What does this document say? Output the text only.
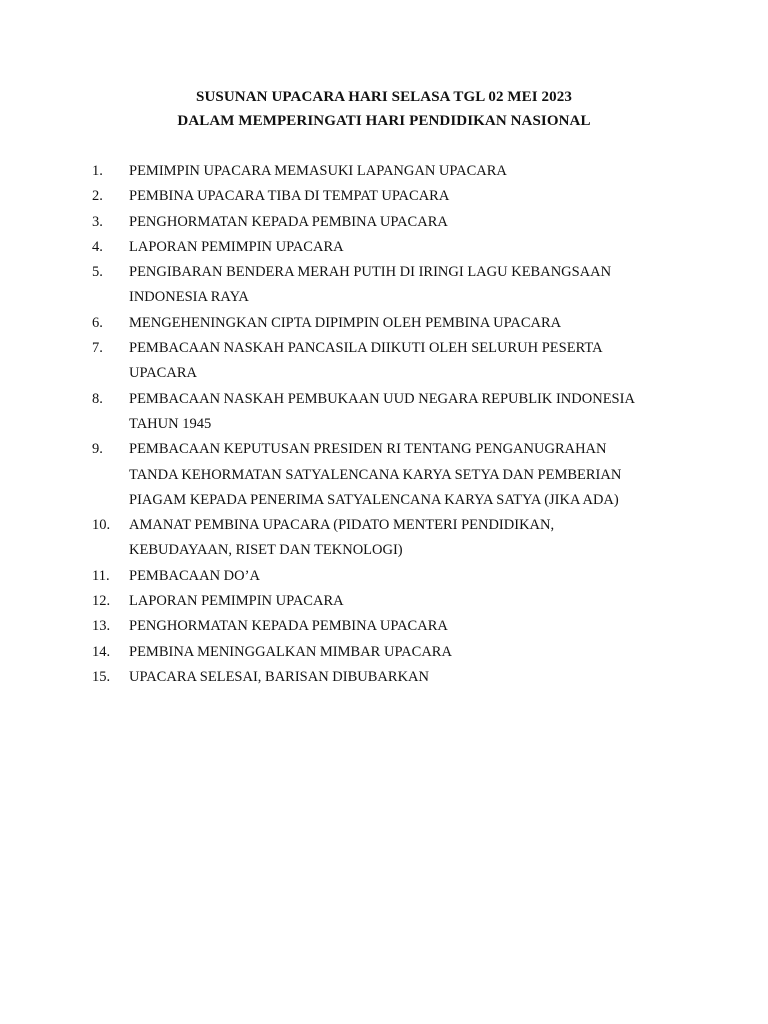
SUSUNAN UPACARA HARI SELASA TGL 02 MEI 2023

DALAM MEMPERINGATI HARI PENDIDIKAN NASIONAL

1.	PEMIMPIN UPACARA MEMASUKI LAPANGAN UPACARA
2.	PEMBINA UPACARA TIBA DI TEMPAT UPACARA
3.	PENGHORMATAN KEPADA PEMBINA UPACARA
4.	LAPORAN PEMIMPIN UPACARA
5.	PENGIBARAN BENDERA MERAH PUTIH DI IRINGI LAGU KEBANGSAAN
INDONESIA RAYA
6.	MENGEHENINGKAN CIPTA DIPIMPIN OLEH PEMBINA UPACARA
7.	PEMBACAAN NASKAH PANCASILA DIIKUTI OLEH SELURUH PESERTA
UPACARA
8.	PEMBACAAN NASKAH PEMBUKAAN UUD NEGARA REPUBLIK INDONESIA
TAHUN 1945
9.	PEMBACAAN KEPUTUSAN PRESIDEN RI TENTANG PENGANUGRAHAN
TANDA KEHORMATAN SATYALENCANA KARYA SETYA DAN PEMBERIAN
PIAGAM KEPADA PENERIMA SATYALENCANA KARYA SATYA (JIKA ADA)
10.	AMANAT PEMBINA UPACARA (PIDATO MENTERI PENDIDIKAN,
KEBUDAYAAN, RISET DAN TEKNOLOGI)
11.	PEMBACAAN DO’A
12.	LAPORAN PEMIMPIN UPACARA
13.	PENGHORMATAN KEPADA PEMBINA UPACARA
14.	PEMBINA MENINGGALKAN MIMBAR UPACARA
15.	UPACARA SELESAI, BARISAN DIBUBARKAN
